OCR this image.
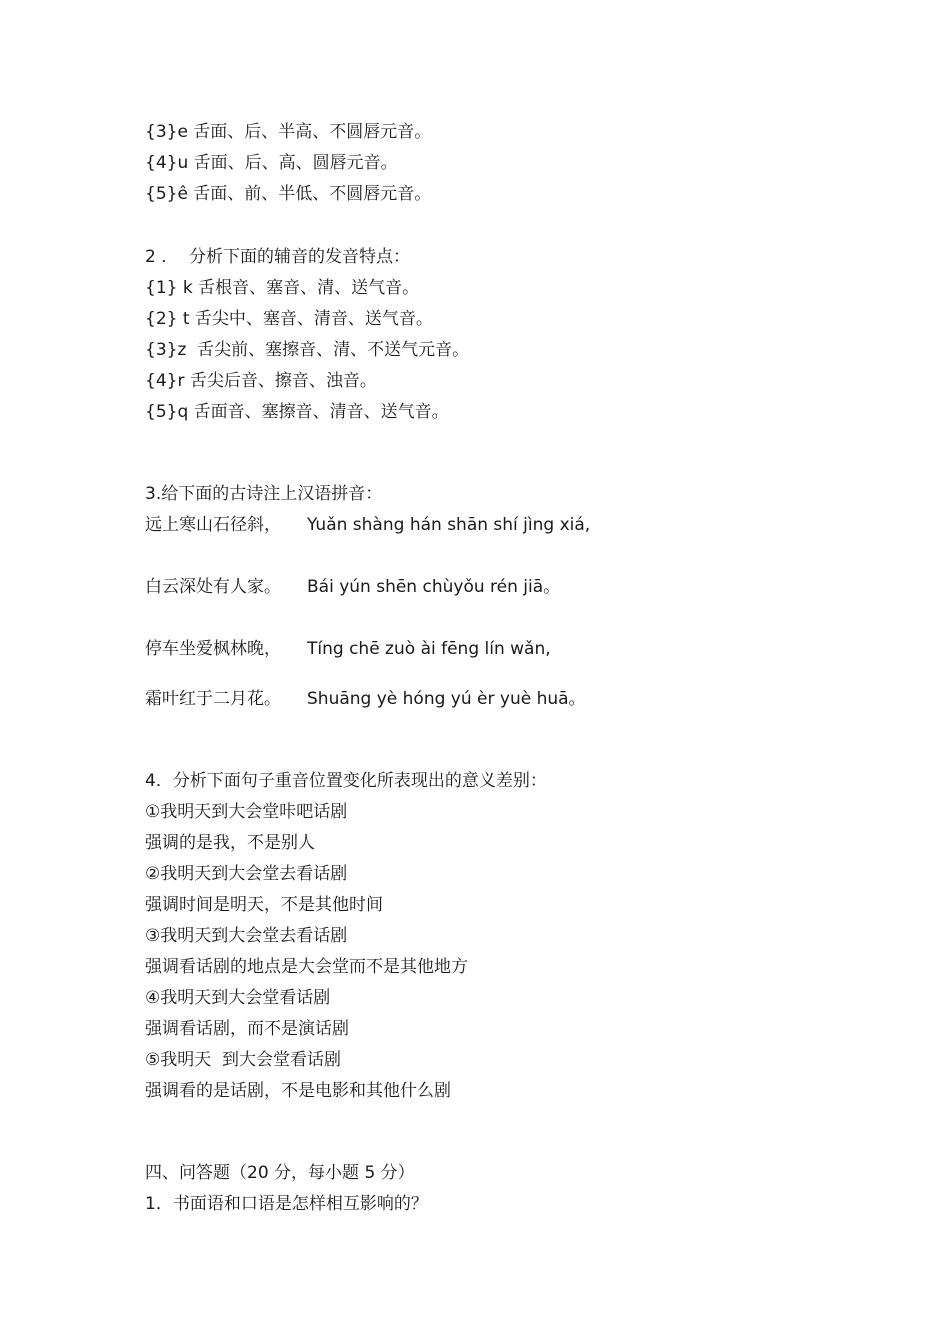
{3}e 舌面、后、半高、不圆唇元音。
{4}u 舌面、后、高、圆唇元音。
{5}ê 舌面、前、半低、不圆唇元音。
2 ．  分析下面的辅音的发音特点：
{1} k 舌根音、塞音、清、送气音。
{2} t 舌尖中、塞音、清音、送气音。
{3}z  舌尖前、塞擦音、清、不送气元音。
{4}r 舌尖后音、擦音、浊音。
{5}q 舌面音、塞擦音、清音、送气音。
3.给下面的古诗注上汉语拼音：
远上寒山石径斜， Yuǎn shàng hán shān shí jìng xiá,
白云深处有人家。 Bái yún shēn chùyǒu rén jiā。
停车坐爱枫林晚， Tíng chē zuò ài fēng lín wǎn,
霜叶红于二月花。 Shuāng yè hóng yú èr yuè huā。
4．分析下面句子重音位置变化所表现出的意义差别：
①我明天到大会堂咔吧话剧
强调的是我，不是别人
②我明天到大会堂去看话剧
强调时间是明天，不是其他时间
③我明天到大会堂去看话剧
强调看话剧的地点是大会堂而不是其他地方
④我明天到大会堂看话剧
强调看话剧，而不是演话剧
⑤我明天  到大会堂看话剧
强调看的是话剧，不是电影和其他什么剧
四、问答题（20 分，每小题 5 分）
1．书面语和口语是怎样相互影响的？
